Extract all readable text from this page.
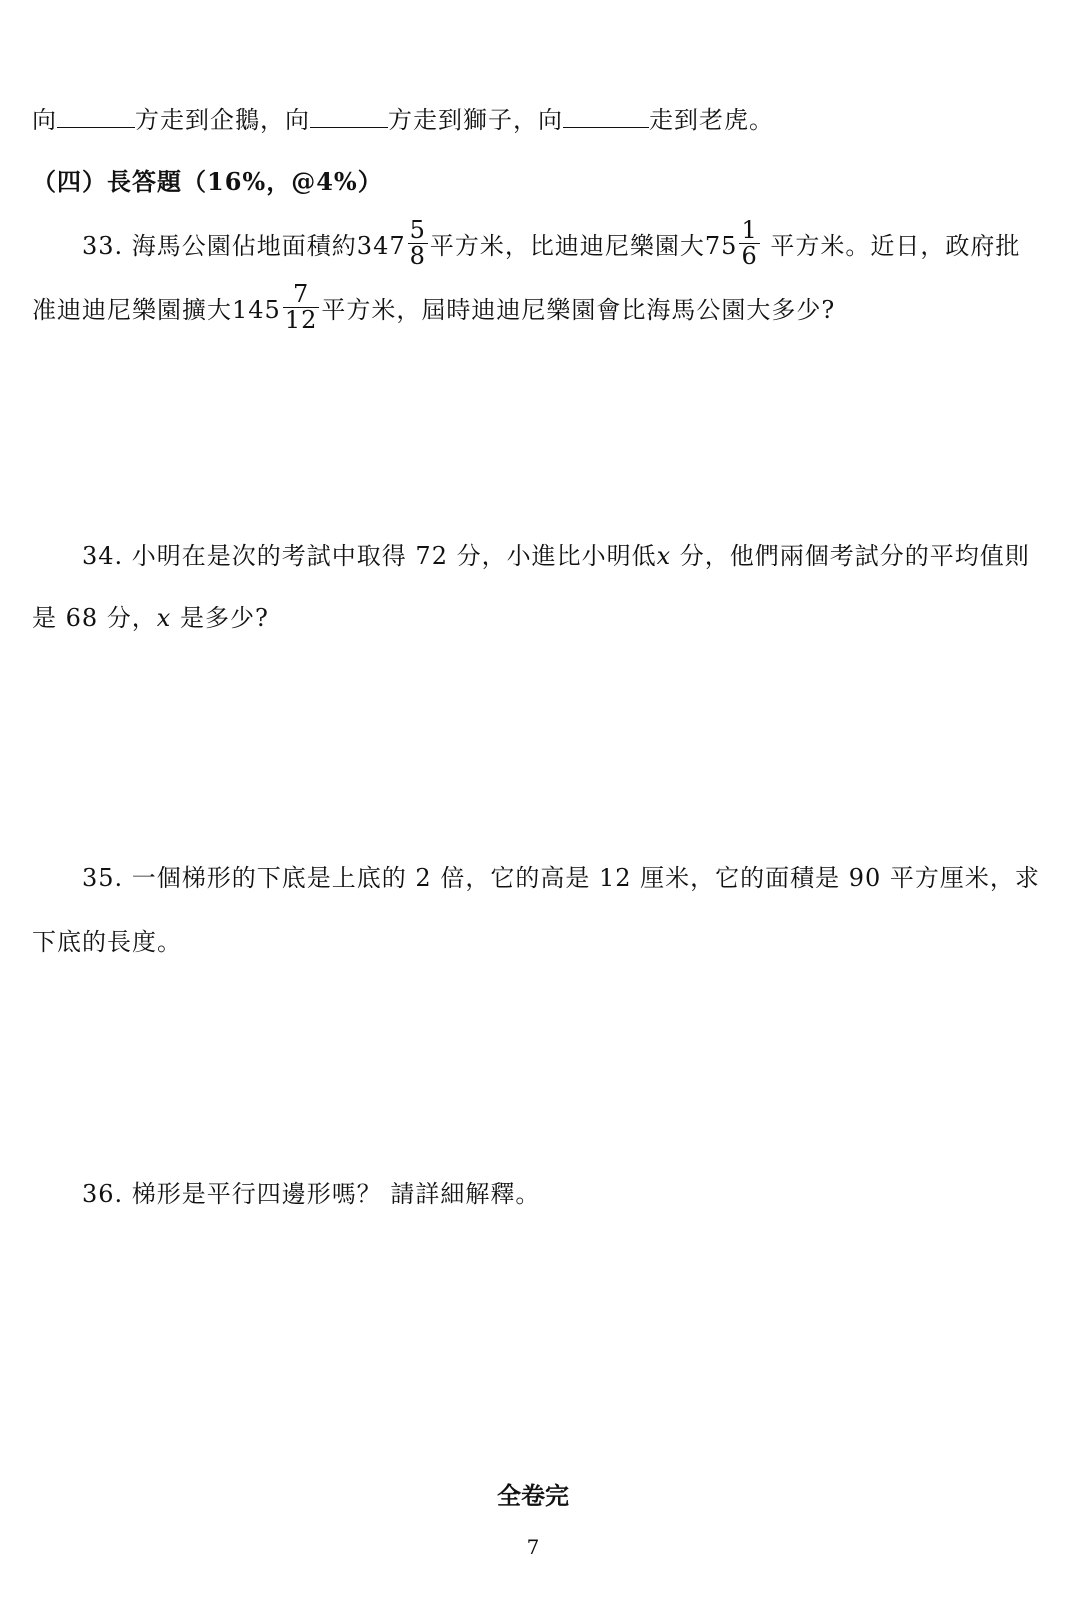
向	方走到企鵝，向	方走到獅子，向	走到老虎。
（四）長答題（16%，@4%）
33. 海馬公園佔地面積約$347 \frac{5}{8}$ 平方米，比迪迪尼樂園大$75 \frac{1}{6}$ 平方米。近日，政府批
准迪迪尼樂園擴大$145 \frac{7}{12}$ 平方米，屆時迪迪尼樂園會比海馬公園大多少?
34. 小明在是次的考試中取得 72 分，小進比小明低x 分，他們兩個考試分的平均值則
是 68 分，x 是多少?
35. 一個梯形的下底是上底的 2 倍，它的高是 12 厘米，它的面積是 90 平方厘米，求
下底的長度。
36. 梯形是平行四邊形嗎？ 請詳細解釋。
全卷完
7
